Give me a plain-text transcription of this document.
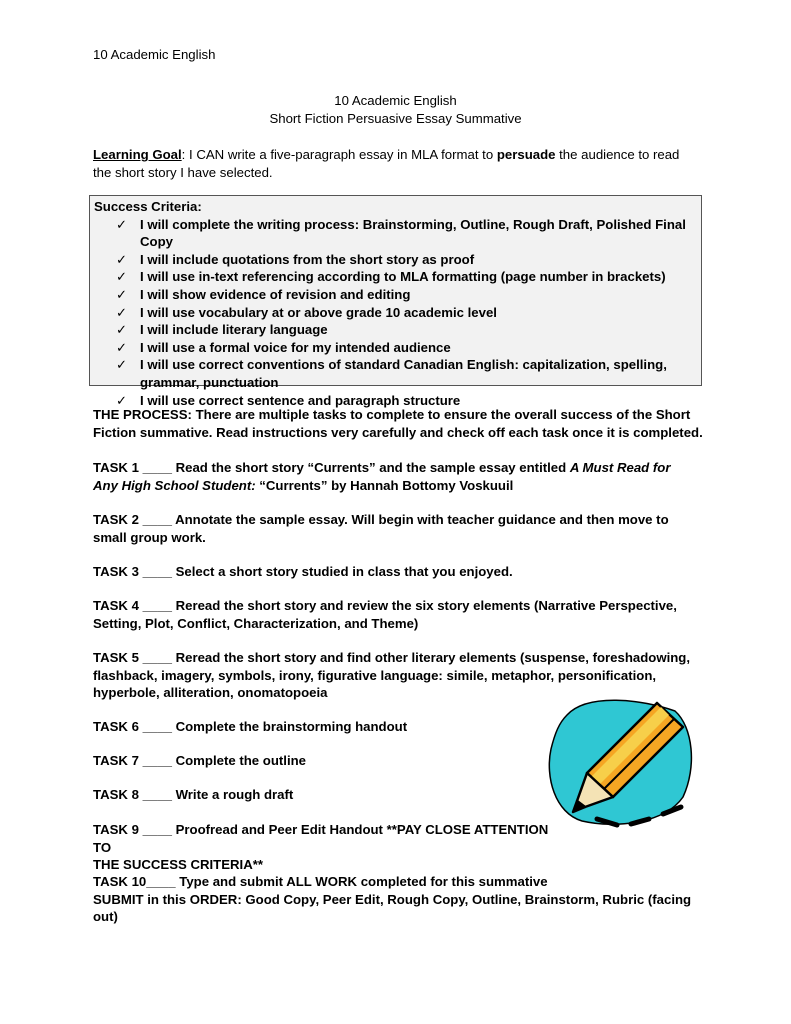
10 Academic English
10 Academic English
Short Fiction Persuasive Essay Summative
Learning Goal: I CAN write a five-paragraph essay in MLA format to persuade the audience to read the short story I have selected.
Success Criteria:
✓ I will complete the writing process: Brainstorming, Outline, Rough Draft, Polished Final Copy
✓ I will include quotations from the short story as proof
✓ I will use in-text referencing according to MLA formatting (page number in brackets)
✓ I will show evidence of revision and editing
✓ I will use vocabulary at or above grade 10 academic level
✓ I will include literary language
✓ I will use a formal voice for my intended audience
✓ I will use correct conventions of standard Canadian English: capitalization, spelling, grammar, punctuation
✓ I will use correct sentence and paragraph structure
THE PROCESS: There are multiple tasks to complete to ensure the overall success of the Short Fiction summative. Read instructions very carefully and check off each task once it is completed.
TASK 1 ____ Read the short story “Currents” and the sample essay entitled A Must Read for Any High School Student: “Currents” by Hannah Bottomy Voskuuil
TASK 2 ____ Annotate the sample essay. Will begin with teacher guidance and then move to small group work.
TASK 3 ____ Select a short story studied in class that you enjoyed.
TASK 4 ____ Reread the short story and review the six story elements (Narrative Perspective, Setting, Plot, Conflict, Characterization, and Theme)
TASK 5 ____ Reread the short story and find other literary elements (suspense, foreshadowing, flashback, imagery, symbols, irony, figurative language: simile, metaphor, personification, hyperbole, alliteration, onomatopoeia
TASK 6 ____ Complete the brainstorming handout
TASK 7 ____ Complete the outline
TASK 8 ____ Write a rough draft
TASK 9 ____ Proofread and Peer Edit Handout **PAY CLOSE ATTENTION TO
THE SUCCESS CRITERIA**
TASK 10____ Type and submit ALL WORK completed for this summative
SUBMIT in this ORDER: Good Copy, Peer Edit, Rough Copy, Outline, Brainstorm, Rubric (facing out)
